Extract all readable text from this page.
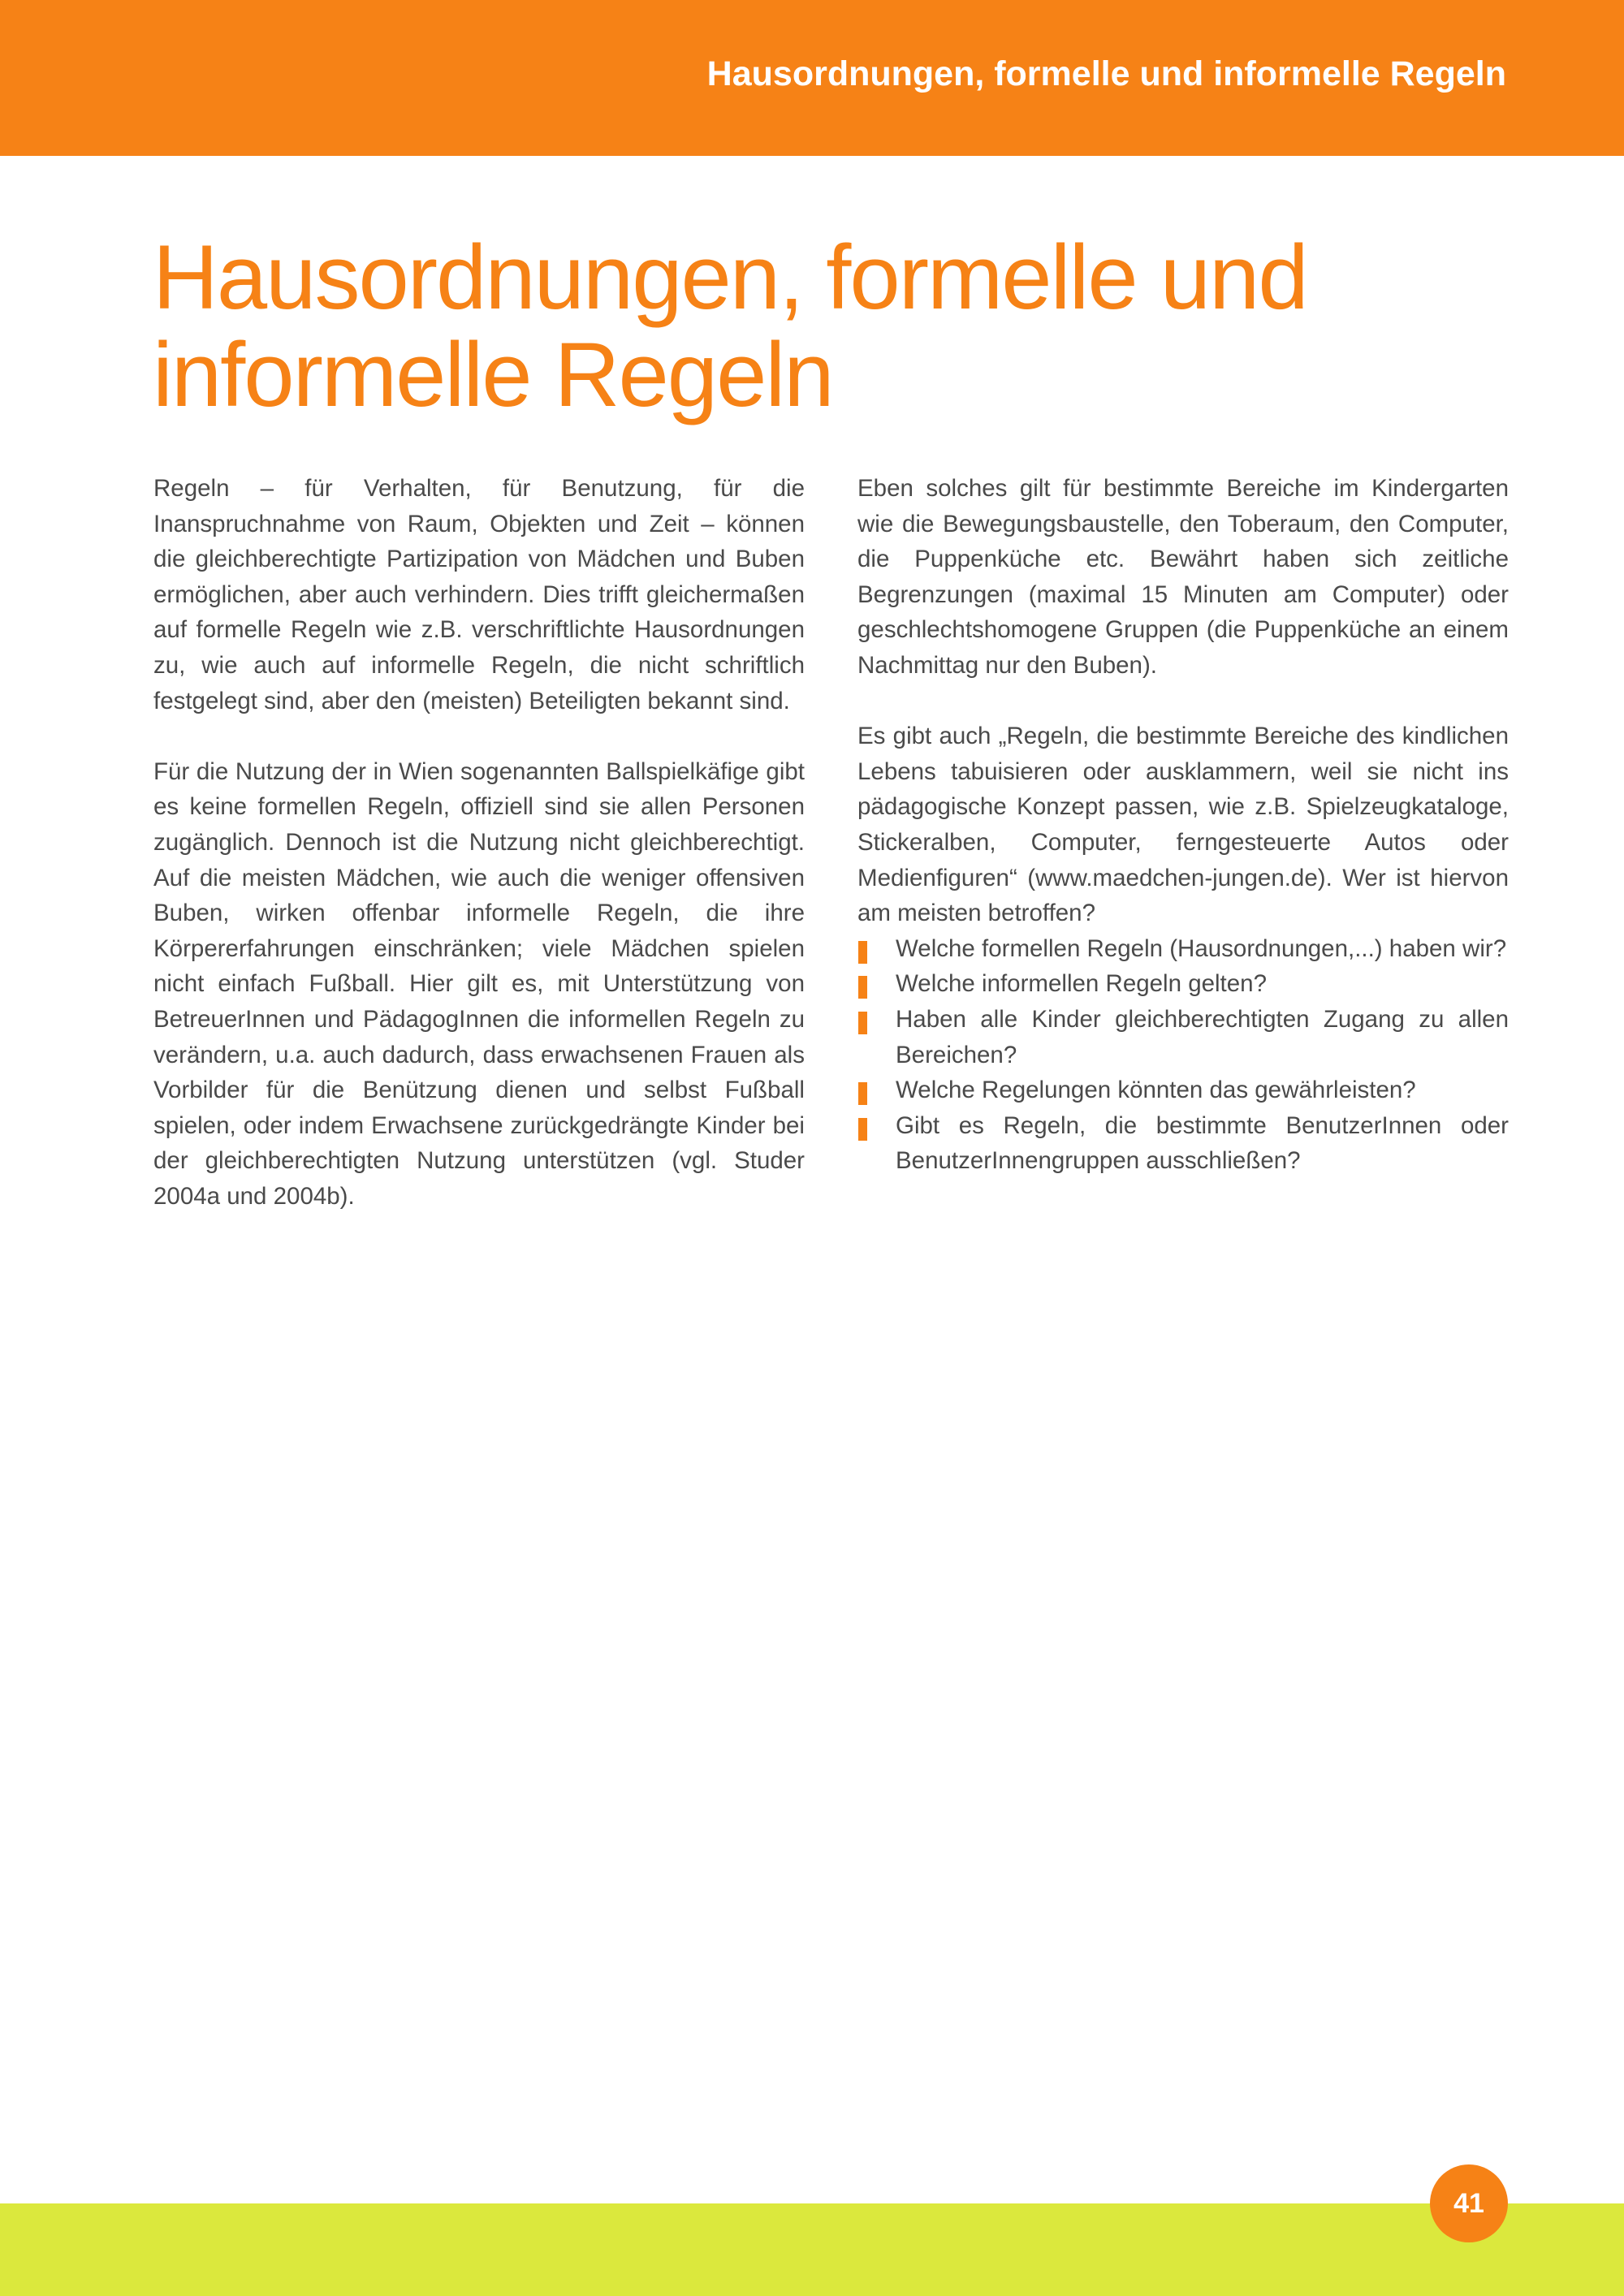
Hausordnungen, formelle und informelle Regeln
Hausordnungen, formelle und
informelle Regeln

Regeln – für Verhalten, für Benutzung, für die Inanspruchnahme von Raum, Objekten und Zeit – können die gleichberechtigte Partizipation von Mädchen und Buben ermöglichen, aber auch verhindern. Dies trifft gleichermaßen auf formelle Regeln wie z.B. verschriftlichte Hausordnungen zu, wie auch auf informelle Regeln, die nicht schriftlich festgelegt sind, aber den (meisten) Beteiligten bekannt sind.

Für die Nutzung der in Wien sogenannten Ballspielkäfige gibt es keine formellen Regeln, offiziell sind sie allen Personen zugänglich. Dennoch ist die Nutzung nicht gleichberechtigt. Auf die meisten Mädchen, wie auch die weniger offensiven Buben, wirken offenbar informelle Regeln, die ihre Körpererfahrungen einschränken; viele Mädchen spielen nicht einfach Fußball. Hier gilt es, mit Unterstützung von BetreuerInnen und PädagogInnen die informellen Regeln zu verändern, u.a. auch dadurch, dass erwachsenen Frauen als Vorbilder für die Benützung dienen und selbst Fußball spielen, oder indem Erwachsene zurückgedrängte Kinder bei der gleichberechtigten Nutzung unterstützen (vgl. Studer 2004a und 2004b).

Eben solches gilt für bestimmte Bereiche im Kindergarten wie die Bewegungsbaustelle, den Toberaum, den Computer, die Puppenküche etc. Bewährt haben sich zeitliche Begrenzungen (maximal 15 Minuten am Computer) oder geschlechtshomogene Gruppen (die Puppenküche an einem Nachmittag nur den Buben).

Es gibt auch „Regeln, die bestimmte Bereiche des kindlichen Lebens tabuisieren oder ausklammern, weil sie nicht ins pädagogische Konzept passen, wie z.B. Spielzeugkataloge, Stickeralben, Computer, ferngesteuerte Autos oder Medienfiguren“ (www.maedchen-jungen.de). Wer ist hiervon am meisten betroffen?

Welche formellen Regeln (Hausordnungen,...) haben wir?
Welche informellen Regeln gelten?
Haben alle Kinder gleichberechtigten Zugang zu allen Bereichen?
Welche Regelungen könnten das gewährleisten?
Gibt es Regeln, die bestimmte BenutzerInnen oder BenutzerInnengruppen ausschließen?
41
